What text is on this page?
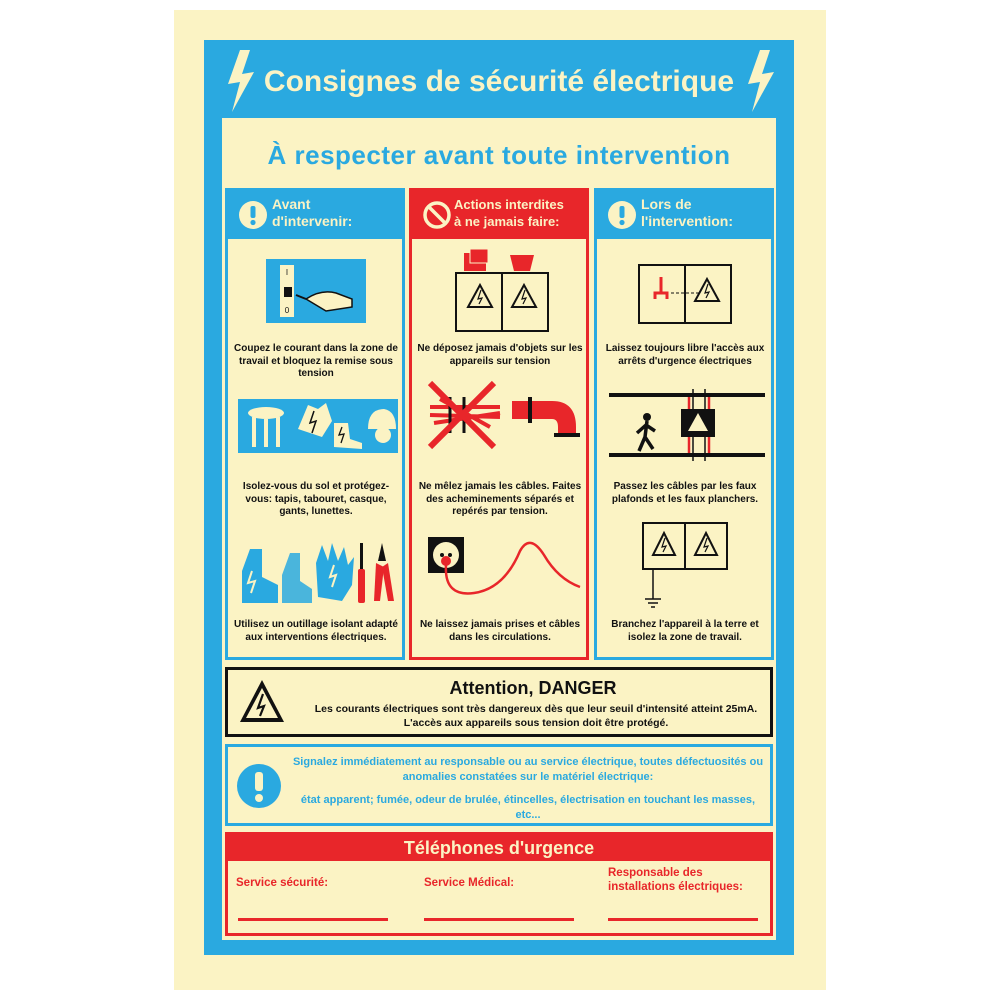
Consignes de sécurité électrique
À respecter avant toute intervention
Avant
d'intervenir:
I
0
Coupez le courant dans la zone de travail et bloquez la remise sous tension
Isolez-vous du sol et protégez-vous: tapis, tabouret, casque, gants, lunettes.
Utilisez un outillage isolant adapté aux interventions électriques.
Actions interdites
à ne jamais faire:
Ne déposez jamais d'objets sur les appareils sur tension
Ne mêlez jamais les câbles. Faites des acheminements séparés et repérés par tension.
Ne laissez jamais prises et câbles dans les circulations.
Lors de
l'intervention:
Laissez toujours libre l'accès aux arrêts d'urgence électriques
Passez les câbles par les faux plafonds et les faux planchers.
Branchez l'appareil à la terre et isolez la zone de travail.
Attention, DANGER
Les courants électriques sont très dangereux dès que leur seuil d'intensité atteint 25mA.
L'accès aux appareils sous tension doit être protégé.
Signalez immédiatement au responsable ou au service électrique, toutes défectuosités ou anomalies constatées sur le matériel électrique:
état apparent; fumée, odeur de brulée, étincelles, électrisation en touchant les masses, etc...
Téléphones d'urgence
Service sécurité:	Service Médical:
Responsable des installations électriques:
